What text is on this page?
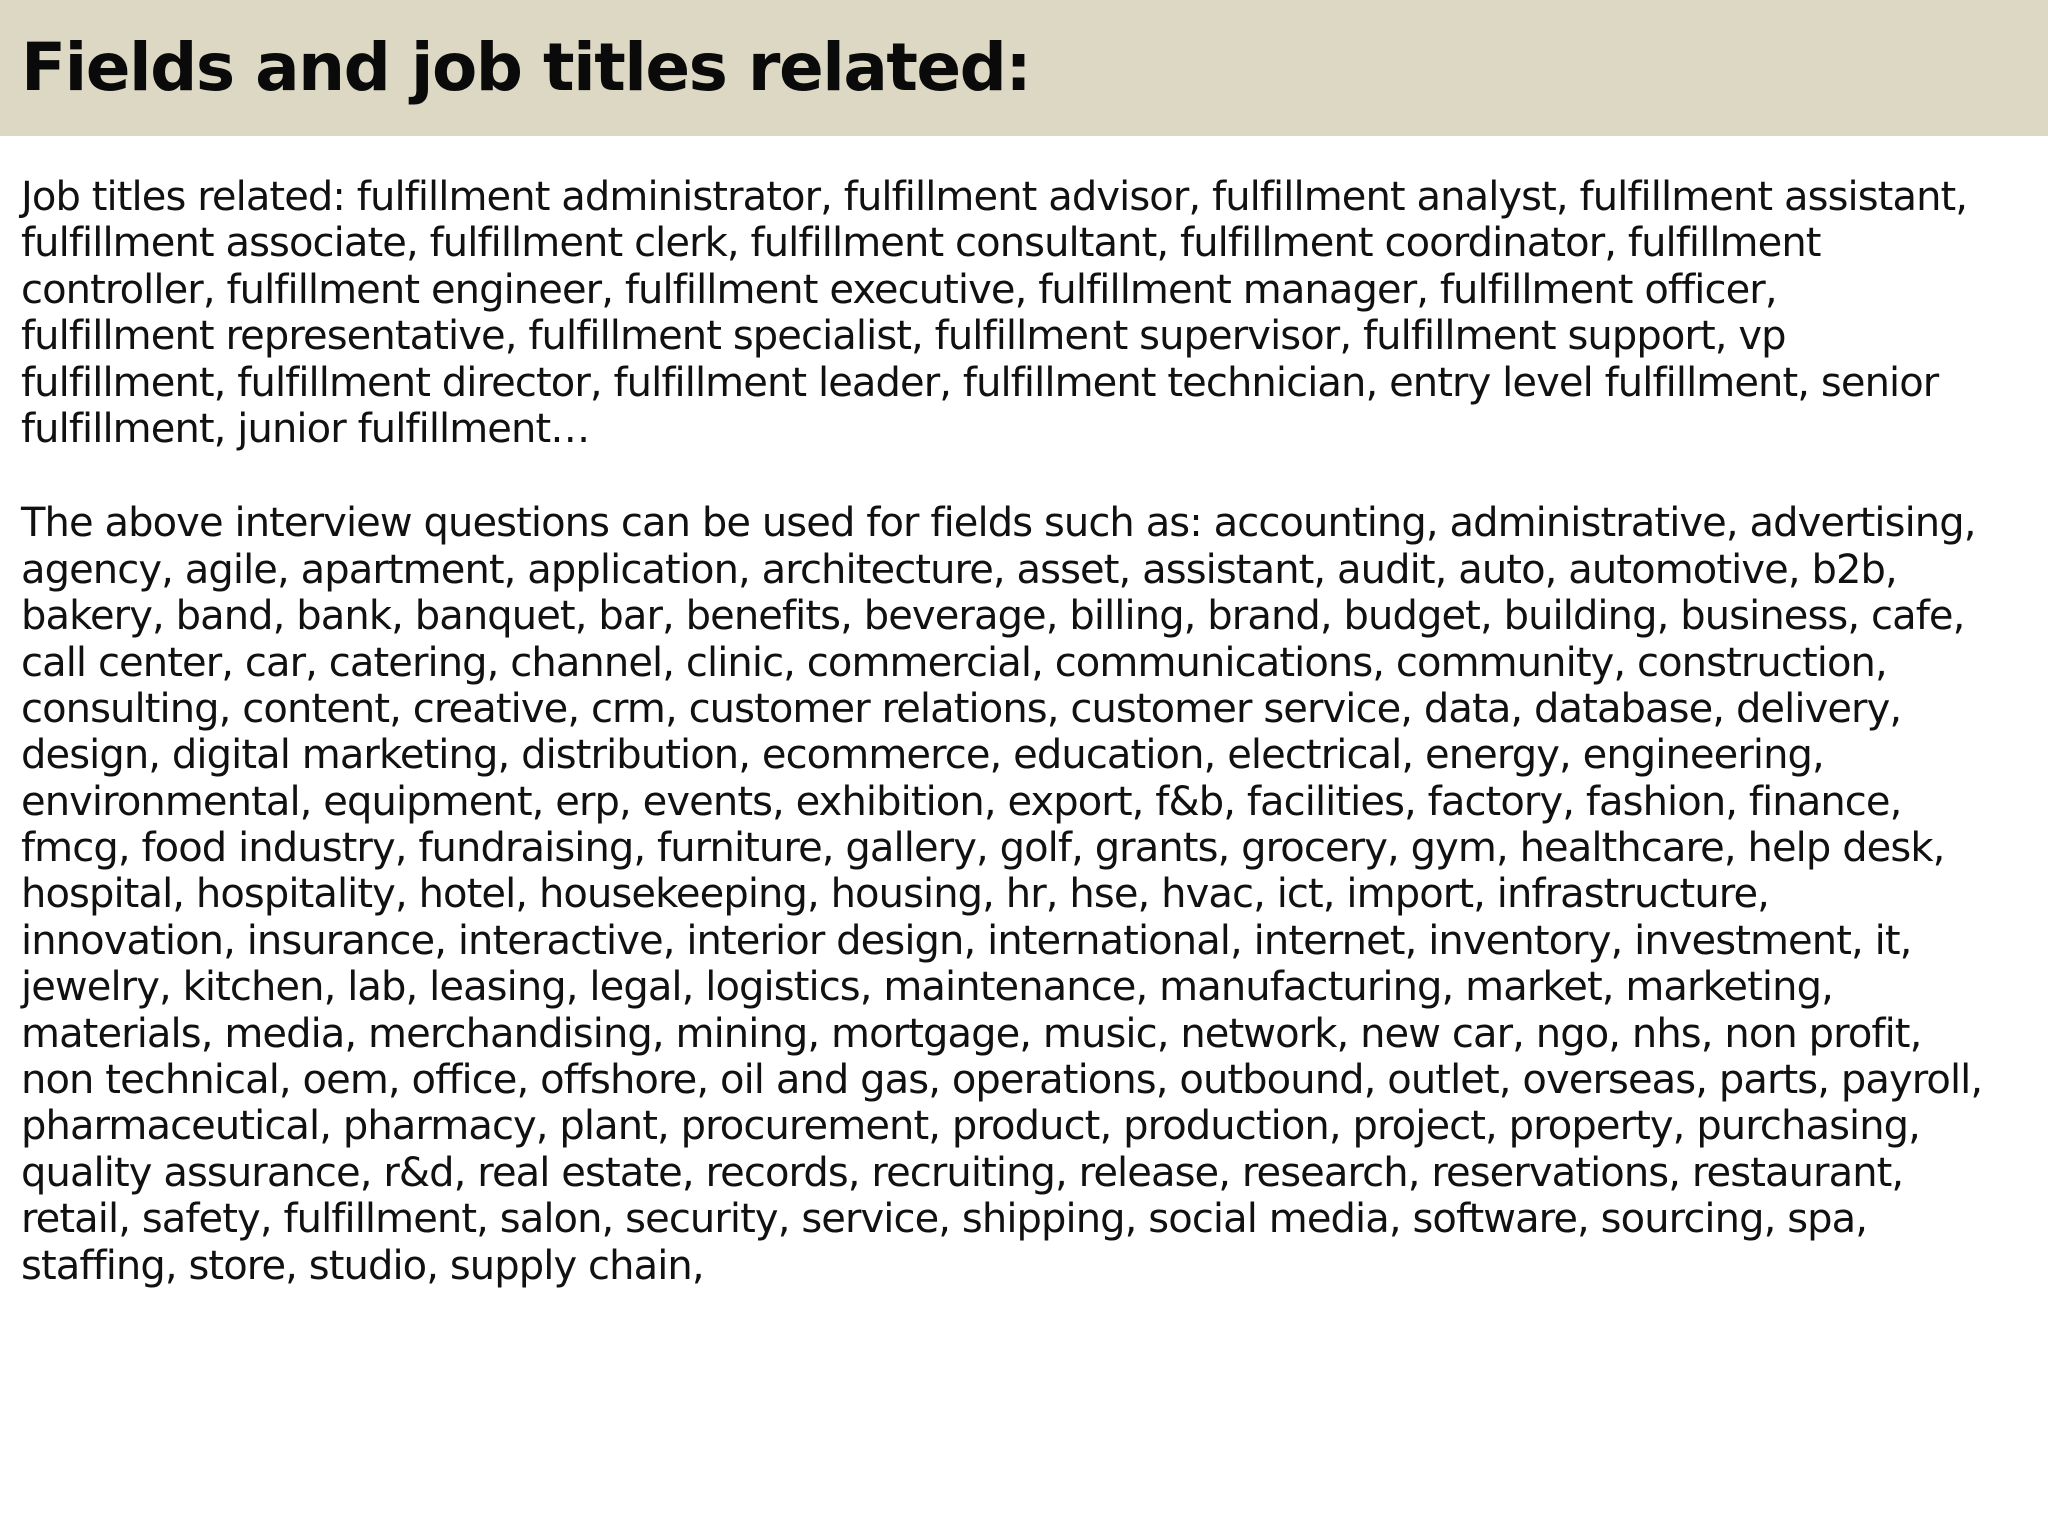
Fields and job titles related:
Job titles related: fulfillment administrator, fulfillment advisor, fulfillment analyst, fulfillment assistant,
fulfillment associate, fulfillment clerk, fulfillment consultant, fulfillment coordinator, fulfillment
controller, fulfillment engineer, fulfillment executive, fulfillment manager, fulfillment officer,
fulfillment representative, fulfillment specialist, fulfillment supervisor, fulfillment support, vp
fulfillment, fulfillment director, fulfillment leader, fulfillment technician, entry level fulfillment, senior
fulfillment, junior fulfillment…
The above interview questions can be used for fields such as: accounting, administrative, advertising,
agency, agile, apartment, application, architecture, asset, assistant, audit, auto, automotive, b2b,
bakery, band, bank, banquet, bar, benefits, beverage, billing, brand, budget, building, business, cafe,
call center, car, catering, channel, clinic, commercial, communications, community, construction,
consulting, content, creative, crm, customer relations, customer service, data, database, delivery,
design, digital marketing, distribution, ecommerce, education, electrical, energy, engineering,
environmental, equipment, erp, events, exhibition, export, f&b, facilities, factory, fashion, finance,
fmcg, food industry, fundraising, furniture, gallery, golf, grants, grocery, gym, healthcare, help desk,
hospital, hospitality, hotel, housekeeping, housing, hr, hse, hvac, ict, import, infrastructure,
innovation, insurance, interactive, interior design, international, internet, inventory, investment, it,
jewelry, kitchen, lab, leasing, legal, logistics, maintenance, manufacturing, market, marketing,
materials, media, merchandising, mining, mortgage, music, network, new car, ngo, nhs, non profit,
non technical, oem, office, offshore, oil and gas, operations, outbound, outlet, overseas, parts, payroll,
pharmaceutical, pharmacy, plant, procurement, product, production, project, property, purchasing,
quality assurance, r&d, real estate, records, recruiting, release, research, reservations, restaurant,
retail, safety, fulfillment, salon, security, service, shipping, social media, software, sourcing, spa,
staffing, store, studio, supply chain,
